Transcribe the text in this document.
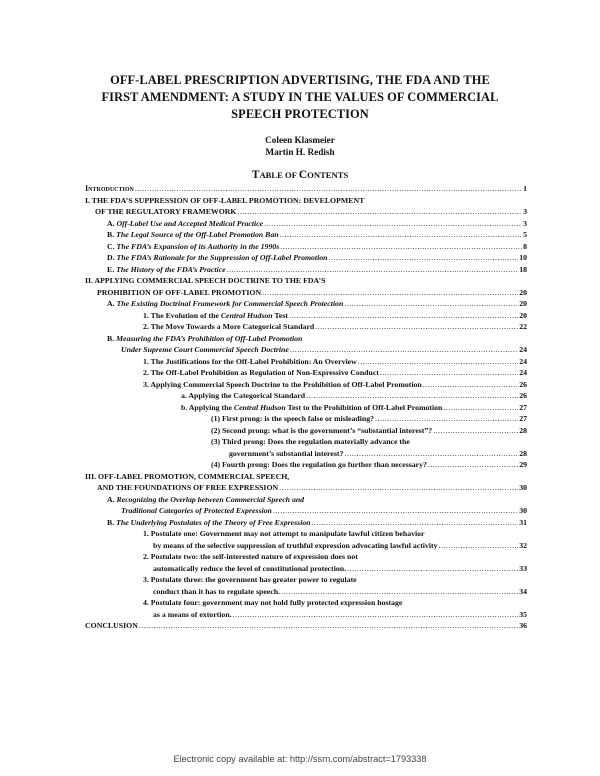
OFF-LABEL PRESCRIPTION ADVERTISING, THE FDA AND THE
FIRST AMENDMENT: A STUDY IN THE VALUES OF COMMERCIAL
SPEECH PROTECTION
Coleen Klasmeier
Martin H. Redish
TABLE OF CONTENTS
Introduction .....	1
I. THE FDA’S SUPPRESSION OF OFF-LABEL PROMOTION: DEVELOPMENT
OF THE REGULATORY FRAMEWORK .....	3
A. Off-Label Use and Accepted Medical Practice .....	3
B. The Legal Source of the Off-Label Promotion Ban .....	5
C. The FDA’s Expansion of its Authority in the 1990s .....	8
D. The FDA’s Rationale for the Suppression of Off-Label Promotion .....	10
E. The History of the FDA’s Practice .....	18
II. APPLYING COMMERCIAL SPEECH DOCTRINE TO THE FDA’S
PROHIBITION OF OFF-LABEL PROMOTION .....	20
A. The Existing Doctrinal Framework for Commercial Speech Protection .....	20
1. The Evolution of the Central Hudson Test .....	20
2. The Move Towards a More Categorical Standard .....	22
B. Measuring the FDA’s Prohibition of Off-Label Promotion
Under Supreme Court Commercial Speech Doctrine .....	24
1. The Justifications for the Off-Label Prohibition: An Overview .....	24
2. The Off-Label Prohibition as Regulation of Non-Expressive Conduct .....	24
3. Applying Commercial Speech Doctrine to the Prohibition of Off-Label Promotion .....	26
a. Applying the Categorical Standard .....	26
b. Applying the Central Hudson Test to the Prohibition of Off-Label Promotion .....	27
(1) First prong: is the speech false or misleading? .....	27
(2) Second prong: what is the government’s “substantial interest”? .....	28
(3) Third prong: Does the regulation materially advance the
government’s substantial interest? .....	28
(4) Fourth prong: Does the regulation go further than necessary? .....	29
III. OFF-LABEL PROMOTION, COMMERCIAL SPEECH,
AND THE FOUNDATIONS OF FREE EXPRESSION .....	30
A. Recognizing the Overlap between Commercial Speech and
Traditional Categories of Protected Expression .....	30
B. The Underlying Postulates of the Theory of Free Expression .....	31
1. Postulate one: Government may not attempt to manipulate lawful citizen behavior
by means of the selective suppression of truthful expression advocating lawful activity .....	32
2. Postulate two: the self-interested nature of expression does not
automatically reduce the level of constitutional protection. .....	33
3. Postulate three: the government has greater power to regulate
conduct than it has to regulate speech. .....	34
4. Postulate four: government may not hold fully protected expression hostage
as a means of extortion. .....	35
CONCLUSION .....	36
Electronic copy available at: http://ssrn.com/abstract=1793338
